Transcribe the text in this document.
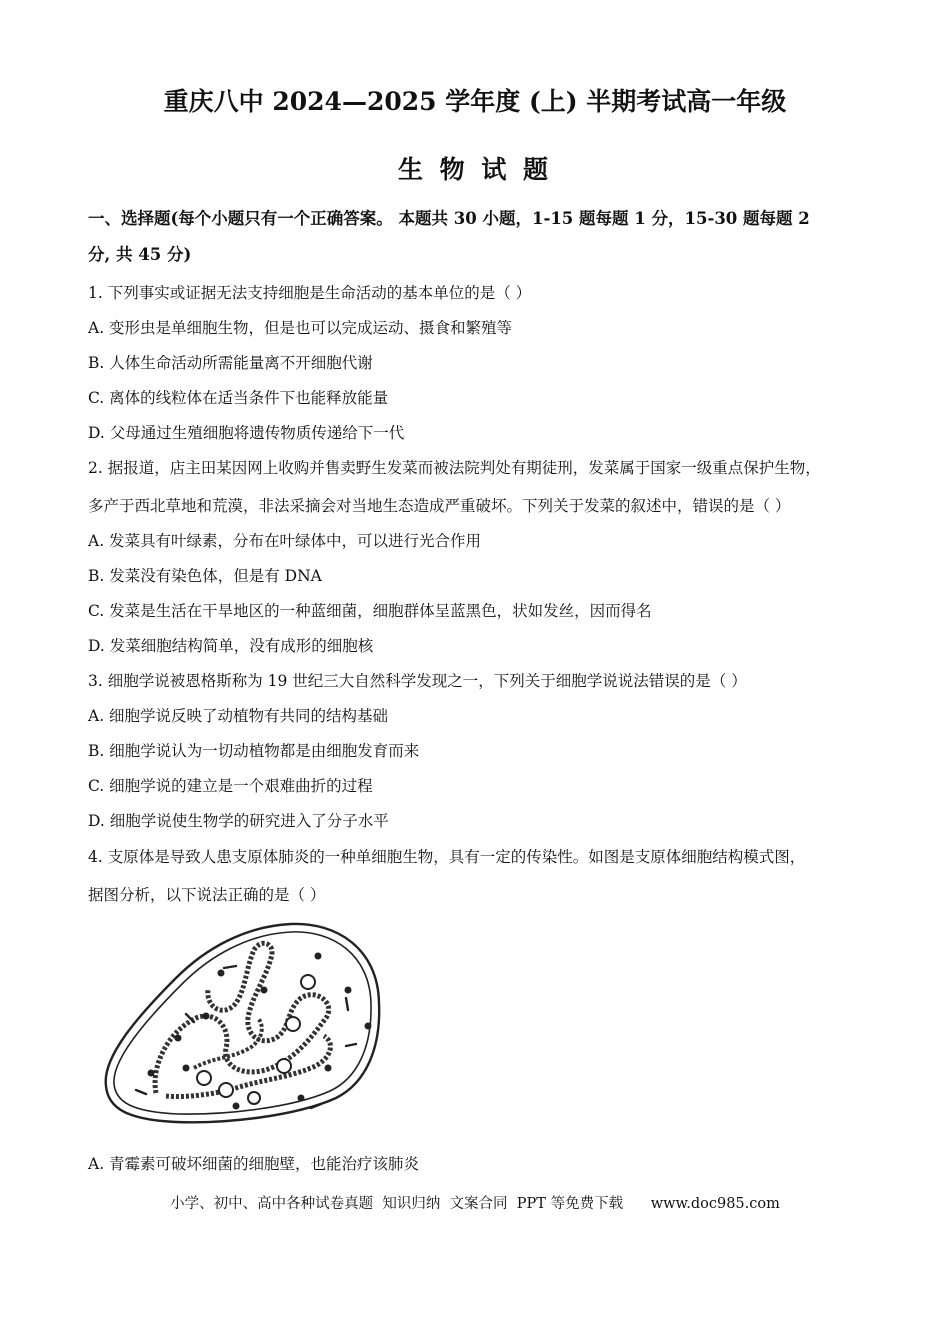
重庆八中 2024—2025 学年度 (上) 半期考试高一年级
生 物 试 题
一、选择题(每个小题只有一个正确答案。 本题共 30 小题，1-15 题每题 1 分，15-30 题每题 2
分, 共 45 分)
1. 下列事实或证据无法支持细胞是生命活动的基本单位的是（ ）
A. 变形虫是单细胞生物，但是也可以完成运动、摄食和繁殖等
B. 人体生命活动所需能量离不开细胞代谢
C. 离体的线粒体在适当条件下也能释放能量
D. 父母通过生殖细胞将遗传物质传递给下一代
2. 据报道，店主田某因网上收购并售卖野生发菜而被法院判处有期徒刑，发菜属于国家一级重点保护生物，
多产于西北草地和荒漠，非法采摘会对当地生态造成严重破坏。下列关于发菜的叙述中，错误的是（ ）
A. 发菜具有叶绿素，分布在叶绿体中，可以进行光合作用
B. 发菜没有染色体，但是有 DNA
C. 发菜是生活在干旱地区的一种蓝细菌，细胞群体呈蓝黑色，状如发丝，因而得名
D. 发菜细胞结构简单，没有成形的细胞核
3. 细胞学说被恩格斯称为 19 世纪三大自然科学发现之一，下列关于细胞学说说法错误的是（ ）
A. 细胞学说反映了动植物有共同的结构基础
B. 细胞学说认为一切动植物都是由细胞发育而来
C. 细胞学说的建立是一个艰难曲折的过程
D. 细胞学说使生物学的研究进入了分子水平
4. 支原体是导致人患支原体肺炎的一种单细胞生物，具有一定的传染性。如图是支原体细胞结构模式图，
据图分析，以下说法正确的是（ ）
A. 青霉素可破坏细菌的细胞壁，也能治疗该肺炎
小学、初中、高中各种试卷真题  知识归纳  文案合同  PPT 等免费下载      www.doc985.com
